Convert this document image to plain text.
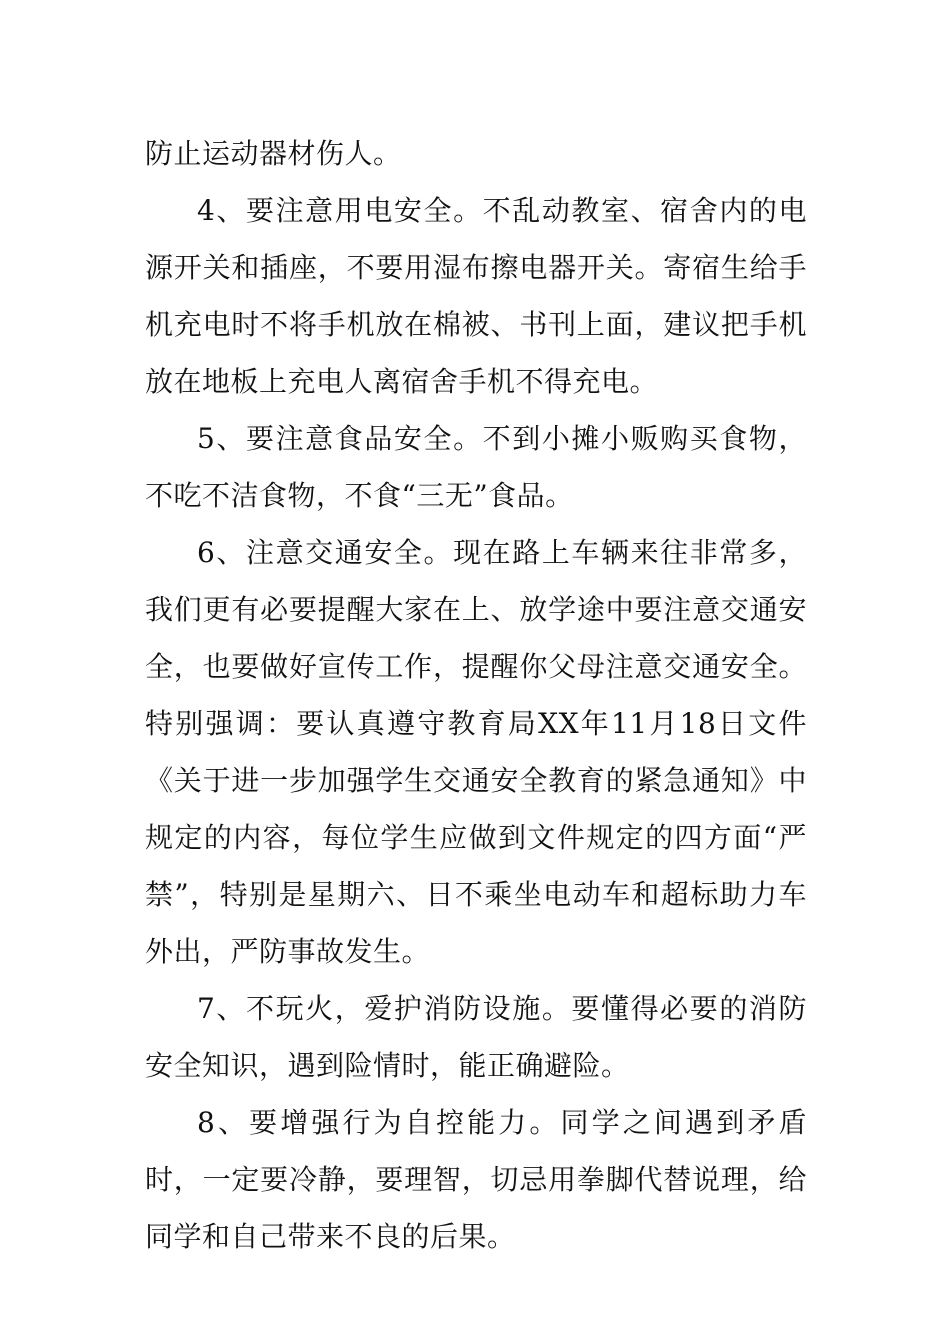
防止运动器材伤人。

4、要注意用电安全。不乱动教室、宿舍内的电源开关和插座，不要用湿布擦电器开关。寄宿生给手机充电时不将手机放在棉被、书刊上面，建议把手机放在地板上充电人离宿舍手机不得充电。

5、要注意食品安全。不到小摊小贩购买食物，不吃不洁食物，不食“三无”食品。

6、注意交通安全。现在路上车辆来往非常多，我们更有必要提醒大家在上、放学途中要注意交通安全，也要做好宣传工作，提醒你父母注意交通安全。特别强调：要认真遵守教育局XX年11月18日文件《关于进一步加强学生交通安全教育的紧急通知》中规定的内容，每位学生应做到文件规定的四方面“严禁”，特别是星期六、日不乘坐电动车和超标助力车外出，严防事故发生。

7、不玩火，爱护消防设施。要懂得必要的消防安全知识，遇到险情时，能正确避险。

8、要增强行为自控能力。同学之间遇到矛盾时，一定要冷静，要理智，切忌用拳脚代替说理，给同学和自己带来不良的后果。
